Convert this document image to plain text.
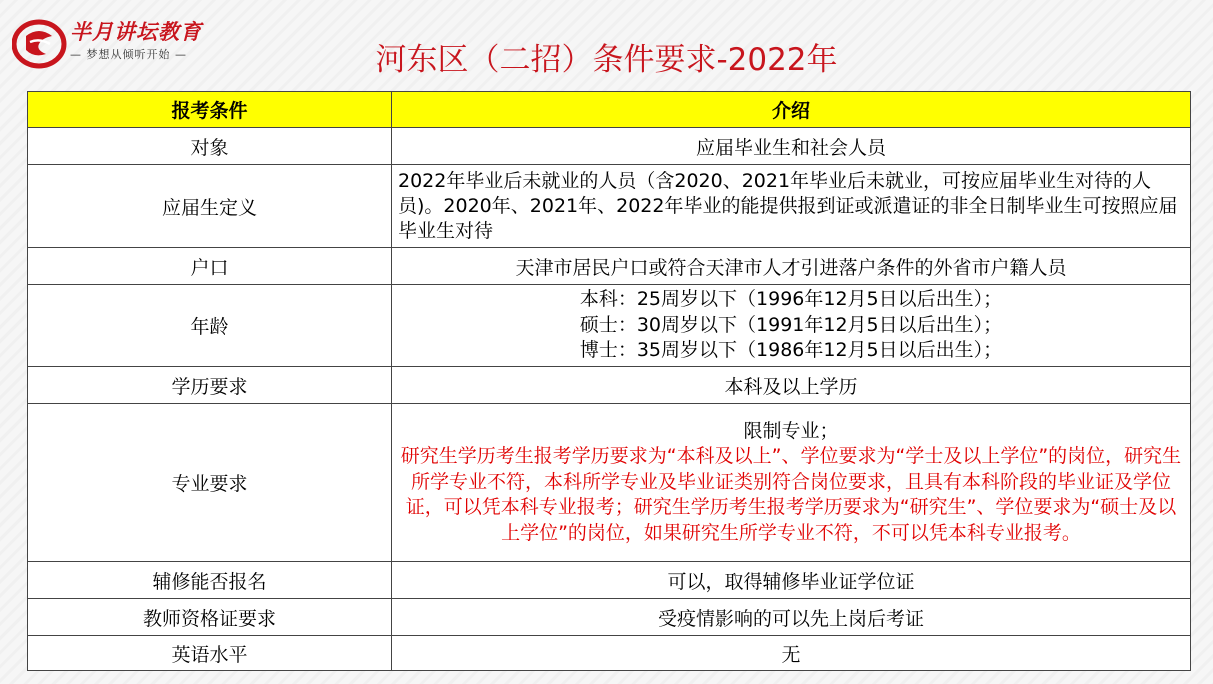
半月讲坛教育
— 梦想从倾听开始 —	河东区（二招）条件要求-2022年
报考条件	介绍
对象	应届毕业生和社会人员
应届生定义	2022年毕业后未就业的人员（含2020、2021年毕业后未就业，可按应届毕业生对待的人员)。2020年、2021年、2022年毕业的能提供报到证或派遣证的非全日制毕业生可按照应届毕业生对待
户口	天津市居民户口或符合天津市人才引进落户条件的外省市户籍人员
年龄	本科：25周岁以下（1996年12月5日以后出生）；
硕士：30周岁以下（1991年12月5日以后出生）；
博士：35周岁以下（1986年12月5日以后出生）；

学历要求	本科及以上学历
专业要求	限制专业；
研究生学历考生报考学历要求为“本科及以上”、学位要求为“学士及以上学位”的岗位，研究生所学专业不符，本科所学专业及毕业证类别符合岗位要求，且具有本科阶段的毕业证及学位证，可以凭本科专业报考；研究生学历考生报考学历要求为“研究生”、学位要求为“硕士及以上学位”的岗位，如果研究生所学专业不符，不可以凭本科专业报考。

辅修能否报名	可以，取得辅修毕业证学位证
教师资格证要求	受疫情影响的可以先上岗后考证
英语水平	无
